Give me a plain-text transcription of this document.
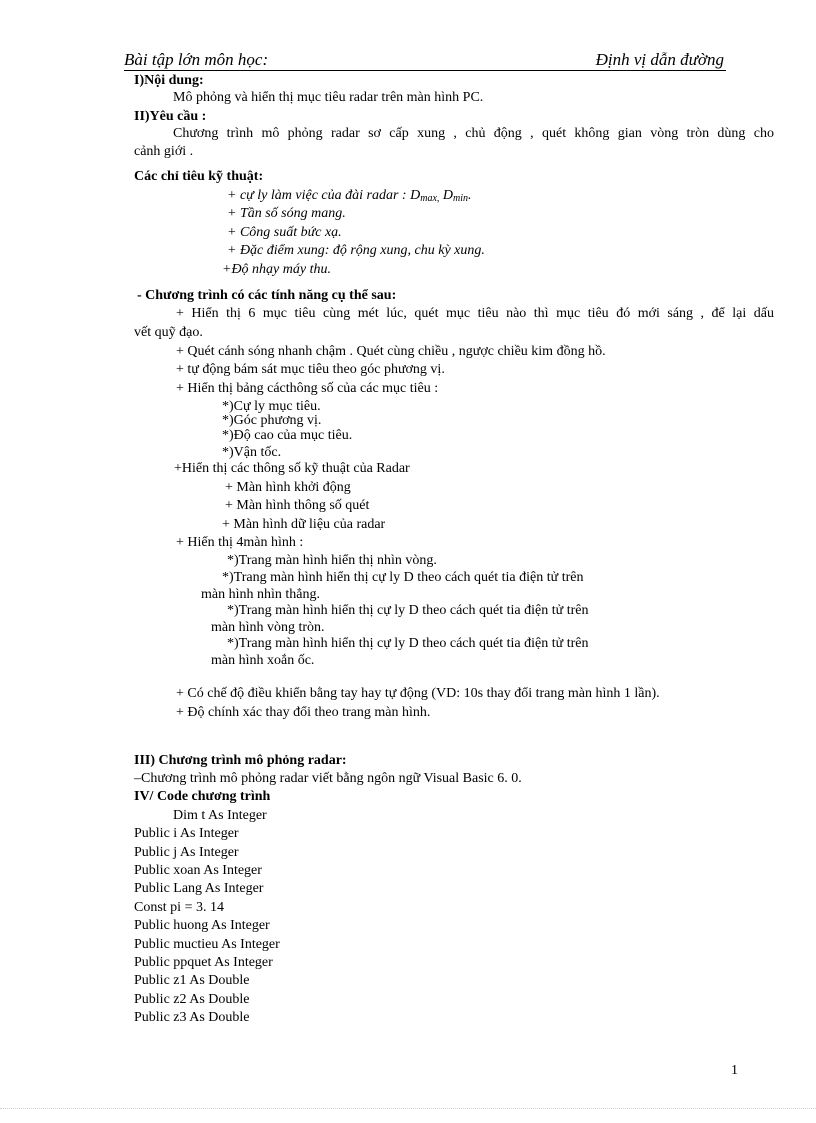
Bài tập lớn môn học:	Định vị dẫn đường
I)Nội dung:
Mô phỏng và hiển thị mục tiêu radar trên màn hình PC.
II)Yêu cầu :
Chương trình mô phỏng radar sơ cấp xung , chủ động , quét không gian vòng tròn dùng cho
cảnh giới .
Các chỉ tiêu kỹ thuật:
+ cự ly làm việc của đài radar : $D_{max,}$ $D_{min}$.
+ Tần số sóng mang.
+ Công suất bức xạ.
+ Đặc điểm xung: độ rộng xung, chu kỳ xung.
+Độ nhạy máy thu.
- Chương trình có các tính năng cụ thể sau:
+ Hiển thị 6 mục tiêu cùng mét lúc, quét mục tiêu nào thì mục tiêu đó mới sáng , để lại dấu
vết quỹ đạo.
+ Quét cánh sóng nhanh chậm . Quét cùng chiều , ngược chiều kim đồng hồ.
+ tự động bám sát mục tiêu theo góc phương vị.
+ Hiển thị bảng cácthông số của các mục tiêu :
*)Cự ly mục tiêu.
*)Góc phương vị.
*)Độ cao của mục tiêu.
*)Vận tốc.
+Hiển thị các thông số kỹ thuật của Radar
+ Màn hình khởi động
+ Màn hình thông số quét
+ Màn hình dữ liệu của radar
+ Hiển thị 4màn hình :
*)Trang màn hình hiển thị nhìn vòng.
*)Trang màn hình hiển thị cự ly D theo cách quét tia điện tử trên
màn hình nhìn thẳng.
*)Trang màn hình hiển thị cự ly D theo cách quét tia điện tử trên
màn hình vòng tròn.
*)Trang màn hình hiển thị cự ly D theo cách quét tia điện tử trên
màn hình xoắn ốc.
+ Có chế độ điều khiển bằng tay hay tự động (VD: 10s thay đổi trang màn hình 1 lần).
+ Độ chính xác thay đổi theo trang màn hình.
III) Chương trình mô phỏng radar:
–Chương trình mô phỏng radar viết bằng ngôn ngữ Visual Basic 6. 0.
IV/ Code chương trình
Dim t As Integer
Public i As Integer
Public j As Integer
Public xoan As Integer
Public Lang As Integer
Const pi = 3. 14
Public huong As Integer
Public muctieu As Integer
Public ppquet As Integer
Public z1 As Double
Public z2 As Double
Public z3 As Double
1
